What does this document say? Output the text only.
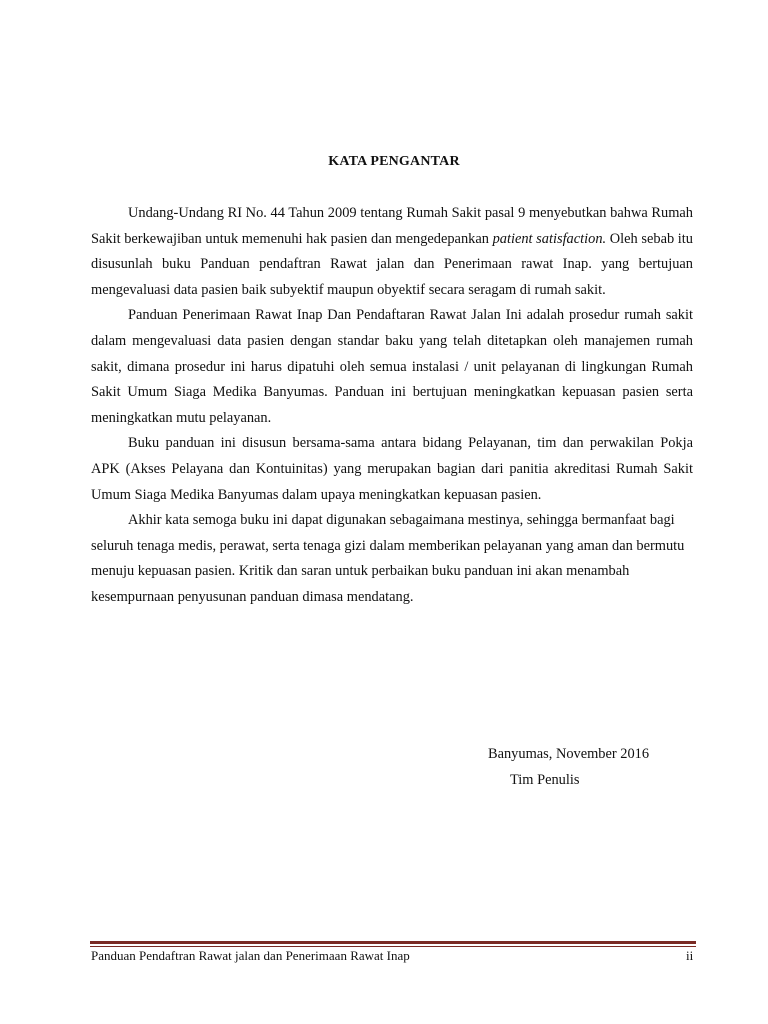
KATA PENGANTAR

Undang-Undang RI No. 44 Tahun 2009 tentang Rumah Sakit pasal 9 menyebutkan bahwa Rumah Sakit berkewajiban untuk memenuhi hak pasien dan mengedepankan patient satisfaction. Oleh sebab itu disusunlah buku Panduan pendaftran Rawat jalan dan Penerimaan rawat Inap. yang bertujuan mengevaluasi data pasien baik subyektif maupun obyektif secara seragam di rumah sakit.

Panduan Penerimaan Rawat Inap Dan Pendaftaran Rawat Jalan Ini adalah prosedur rumah sakit dalam mengevaluasi data pasien dengan standar baku yang telah ditetapkan oleh manajemen rumah sakit, dimana prosedur ini harus dipatuhi oleh semua instalasi / unit pelayanan di lingkungan Rumah Sakit Umum Siaga Medika Banyumas. Panduan ini bertujuan meningkatkan kepuasan pasien serta meningkatkan mutu pelayanan.

Buku panduan ini disusun bersama-sama antara bidang Pelayanan, tim dan perwakilan Pokja APK (Akses Pelayana dan Kontuinitas) yang merupakan bagian dari panitia akreditasi Rumah Sakit Umum Siaga Medika Banyumas dalam upaya meningkatkan kepuasan pasien.

Akhir kata semoga buku ini dapat digunakan sebagaimana mestinya, sehingga bermanfaat bagi seluruh tenaga medis, perawat, serta tenaga gizi dalam memberikan pelayanan yang aman dan bermutu menuju kepuasan pasien. Kritik dan saran untuk perbaikan buku panduan ini akan menambah kesempurnaan penyusunan panduan dimasa mendatang.

Banyumas, November 2016
Tim Penulis
Panduan Pendaftran Rawat jalan dan Penerimaan Rawat Inap	ii
